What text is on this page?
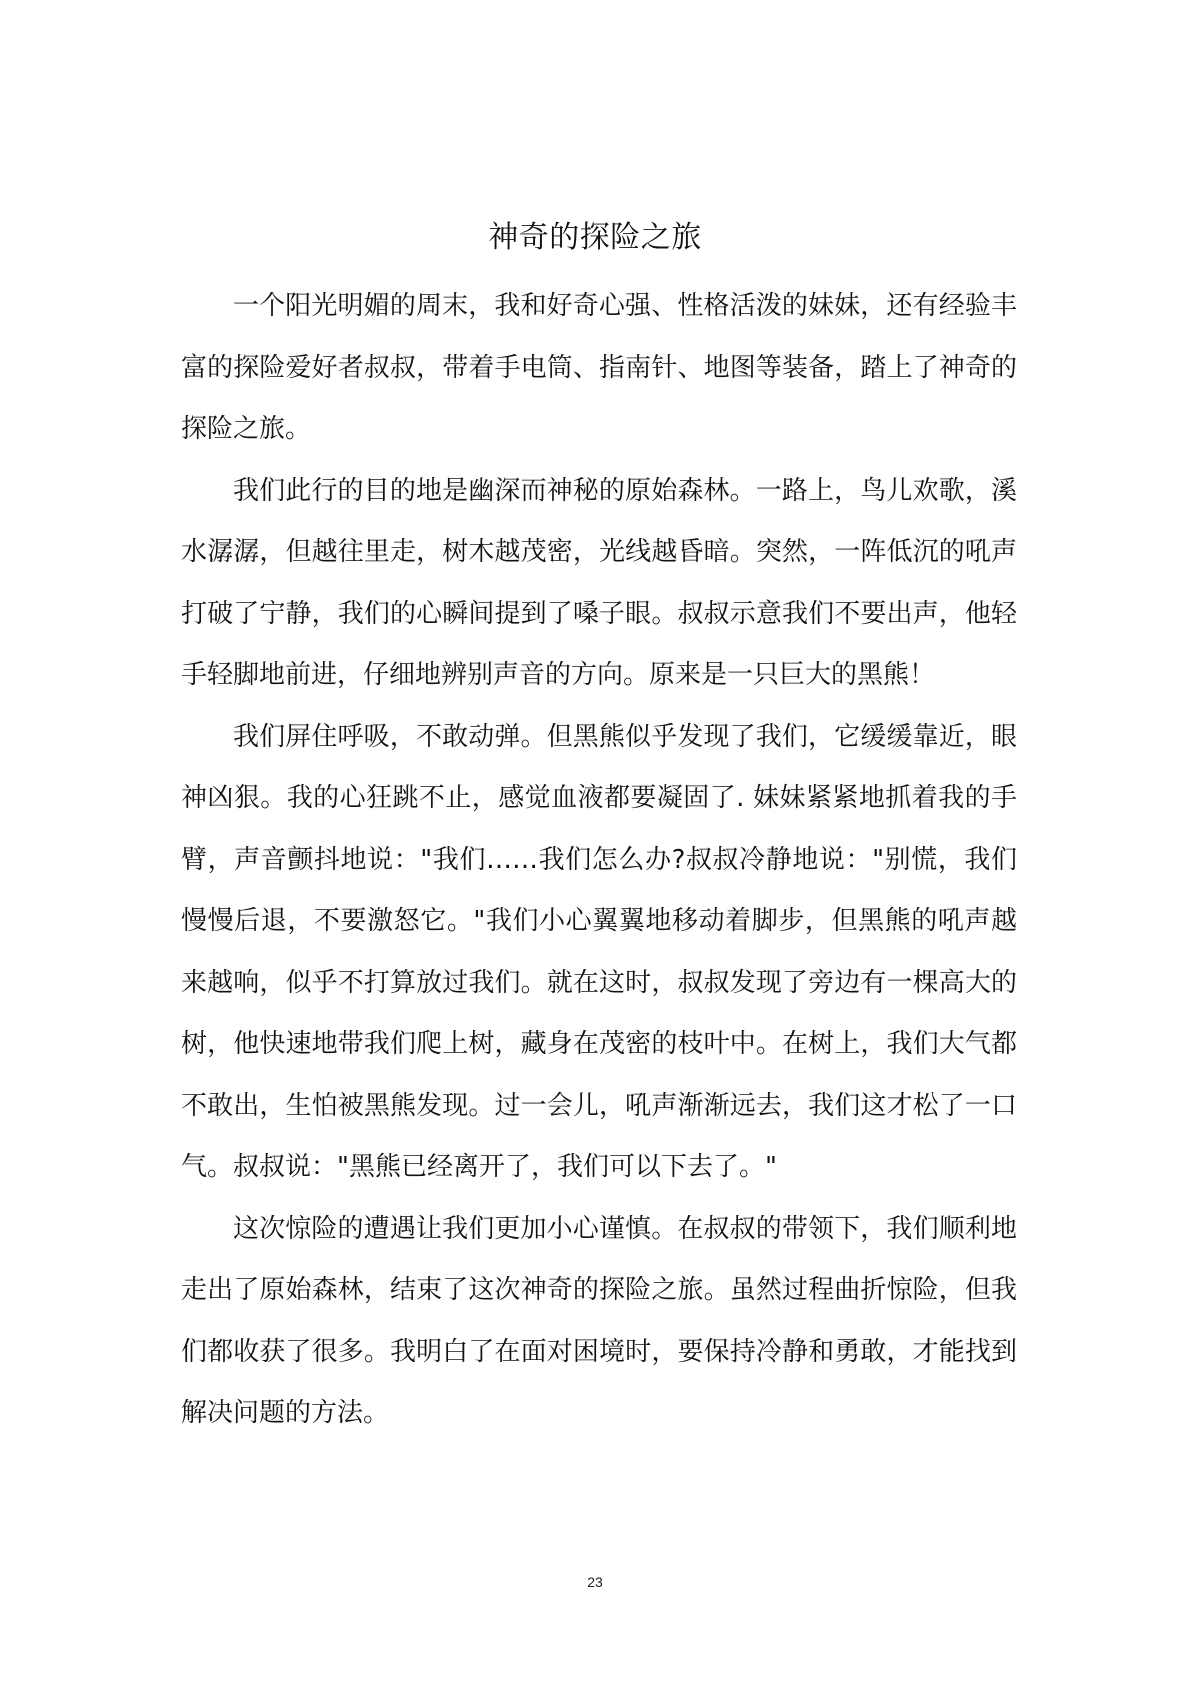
神奇的探险之旅

一个阳光明媚的周末，我和好奇心强、性格活泼的妹妹，还有经验丰富的探险爱好者叔叔，带着手电筒、指南针、地图等装备，踏上了神奇的探险之旅。

我们此行的目的地是幽深而神秘的原始森林。一路上，鸟儿欢歌，溪水潺潺，但越往里走，树木越茂密，光线越昏暗。突然，一阵低沉的吼声打破了宁静，我们的心瞬间提到了嗓子眼。叔叔示意我们不要出声，他轻手轻脚地前进，仔细地辨别声音的方向。原来是一只巨大的黑熊！

我们屏住呼吸，不敢动弹。但黑熊似乎发现了我们，它缓缓靠近，眼神凶狠。我的心狂跳不止，感觉血液都要凝固了. 妹妹紧紧地抓着我的手臂，声音颤抖地说："我们……我们怎么办?叔叔冷静地说："别慌，我们慢慢后退，不要激怒它。"我们小心翼翼地移动着脚步，但黑熊的吼声越来越响，似乎不打算放过我们。就在这时，叔叔发现了旁边有一棵高大的树，他快速地带我们爬上树，藏身在茂密的枝叶中。在树上，我们大气都不敢出，生怕被黑熊发现。过一会儿，吼声渐渐远去，我们这才松了一口气。叔叔说："黑熊已经离开了，我们可以下去了。"

这次惊险的遭遇让我们更加小心谨慎。在叔叔的带领下，我们顺利地走出了原始森林，结束了这次神奇的探险之旅。虽然过程曲折惊险，但我们都收获了很多。我明白了在面对困境时，要保持冷静和勇敢，才能找到解决问题的方法。

23
